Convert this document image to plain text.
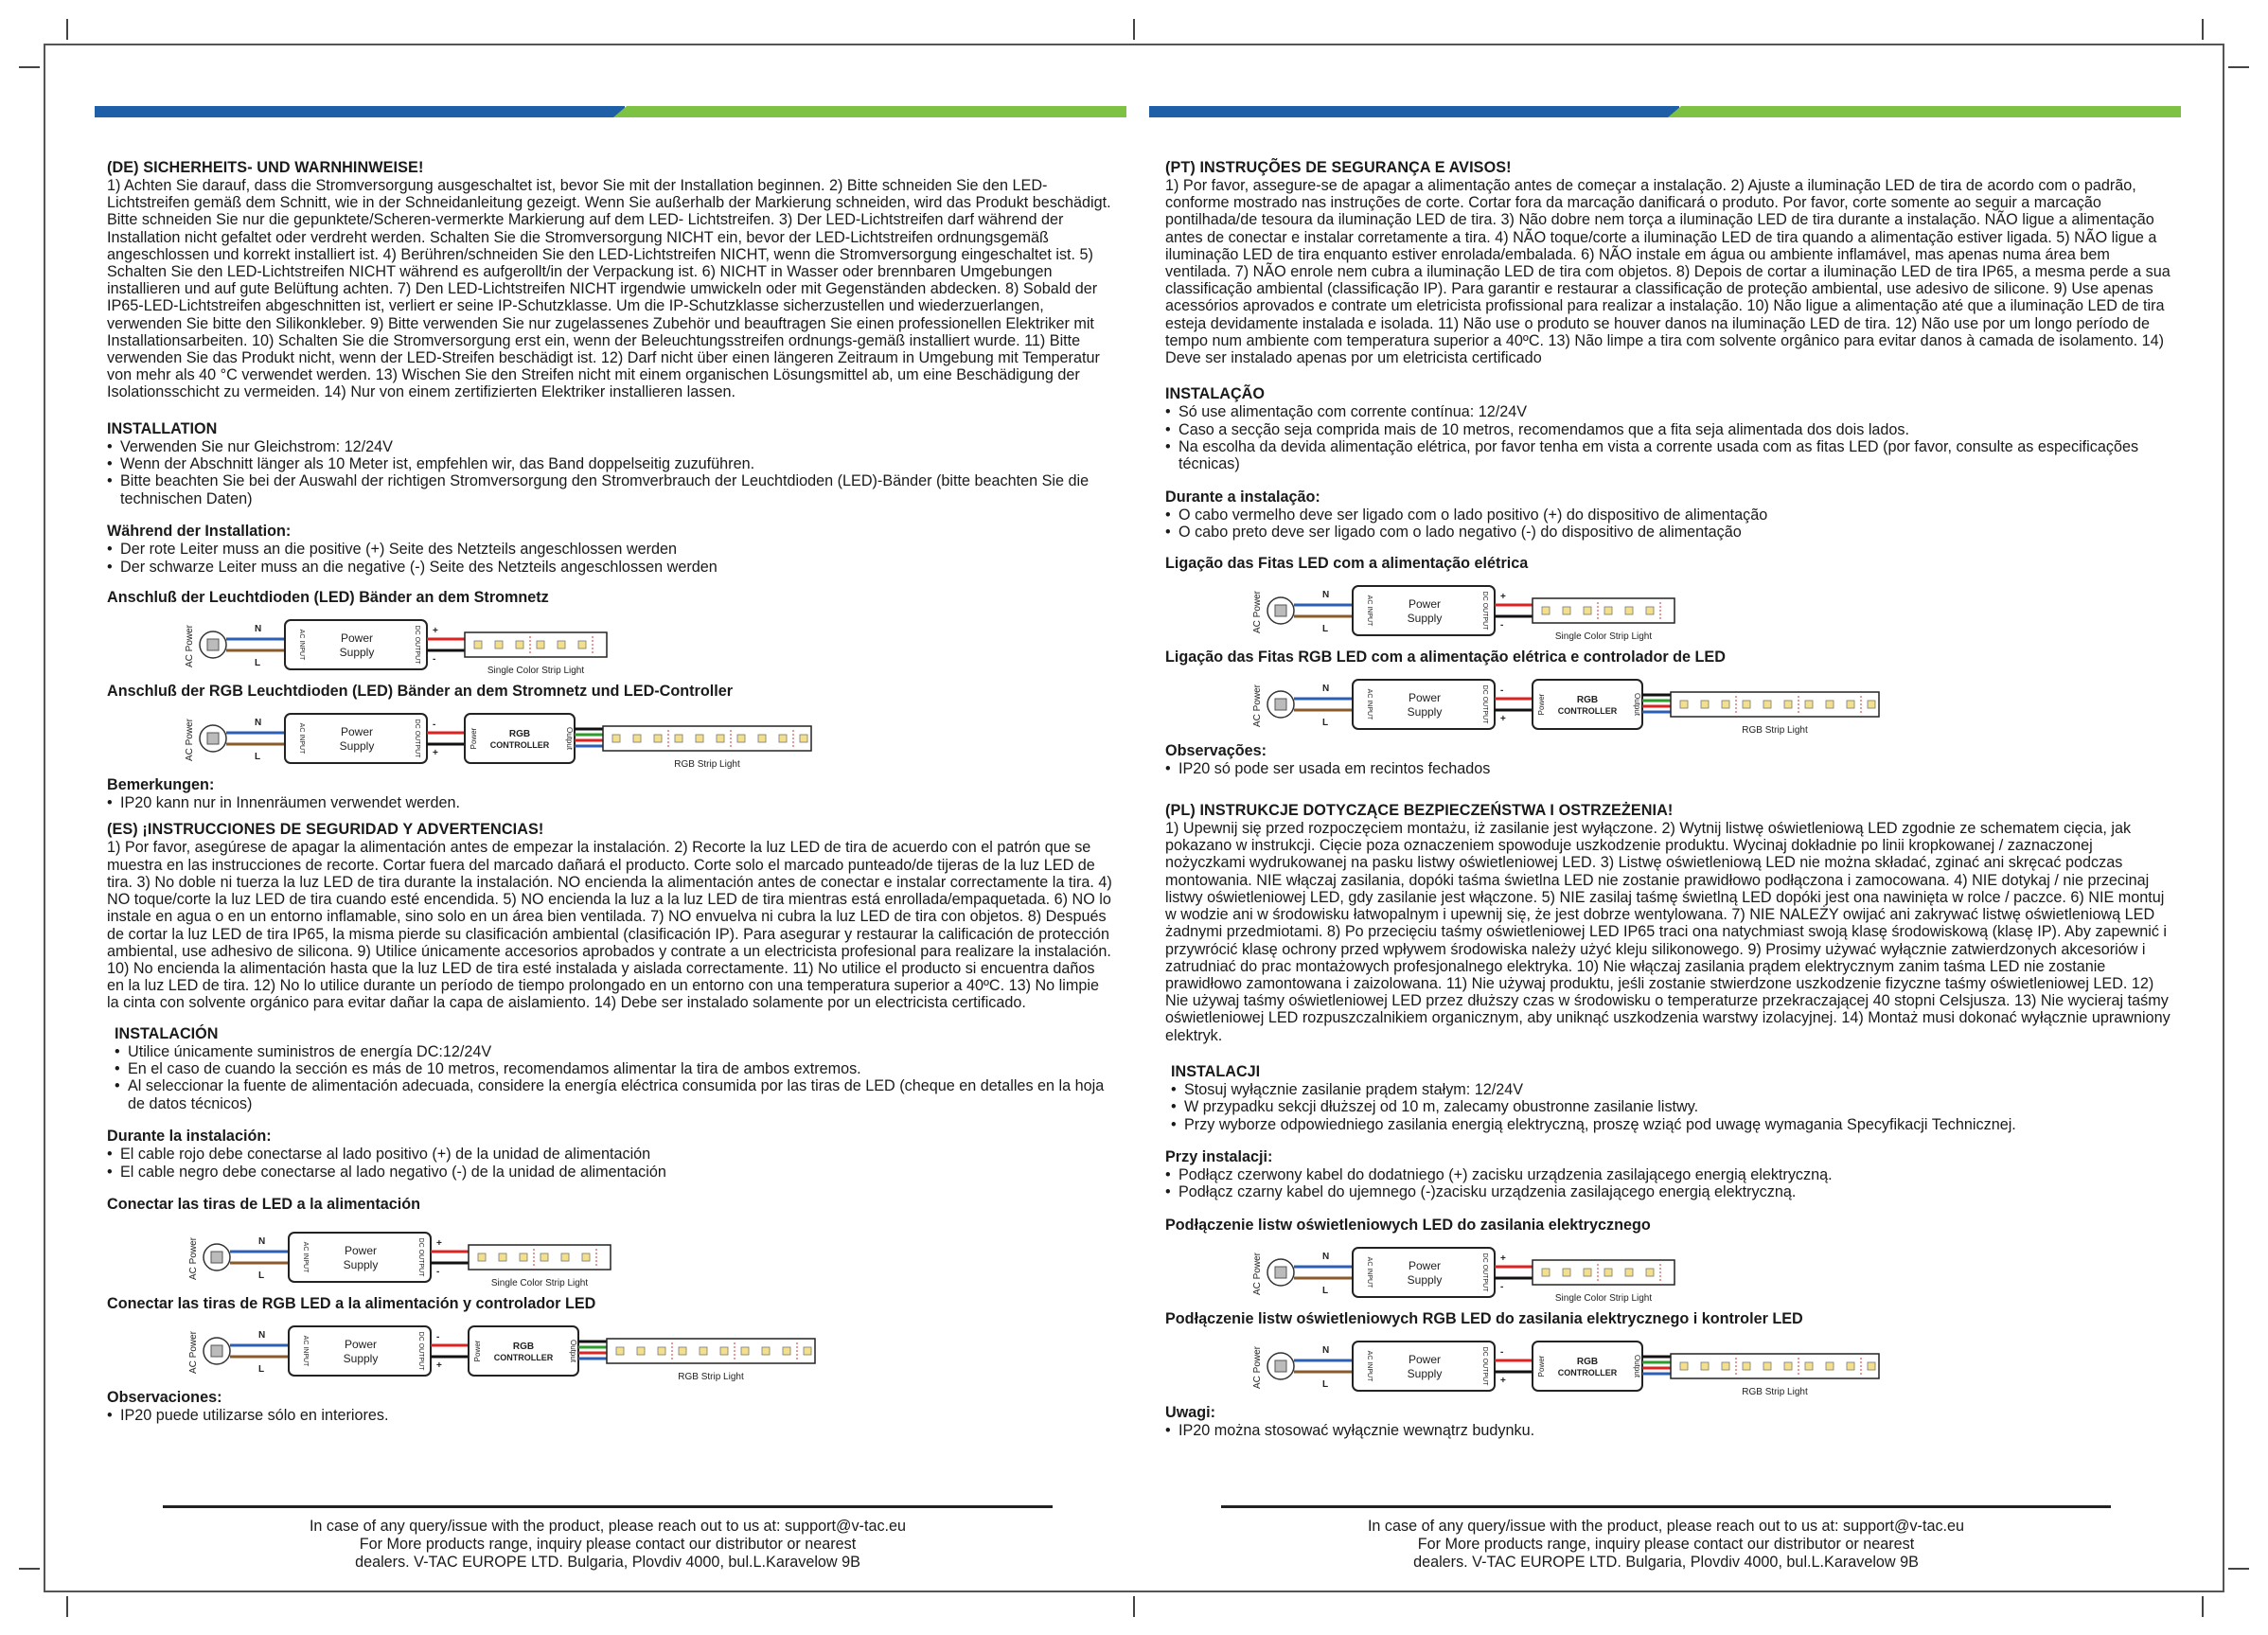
(DE) SICHERHEITS- UND WARNHINWEISE!

1) Achten Sie darauf, dass die Stromversorgung ausgeschaltet ist, bevor Sie mit der Installation beginnen. 2) Bitte schneiden Sie den LED-Lichtstreifen gemäß dem Schnitt, wie in der Schneidanleitung gezeigt. Wenn Sie außerhalb der Markierung schneiden, wird das Produkt beschädigt. Bitte schneiden Sie nur die gepunktete/Scheren-vermerkte Markierung auf dem LED- Lichtstreifen. 3) Der LED-Lichtstreifen darf während der Installation nicht gefaltet oder verdreht werden. Schalten Sie die Stromversorgung NICHT ein, bevor der LED-Lichtstreifen ordnungsgemäß angeschlossen und korrekt installiert ist. 4) Berühren/schneiden Sie den LED-Lichtstreifen NICHT, wenn die Stromversorgung eingeschaltet ist. 5) Schalten Sie den LED-Lichtstreifen NICHT während es aufgerollt/in der Verpackung ist. 6) NICHT in Wasser oder brennbaren Umgebungen installieren und auf gute Belüftung achten. 7) Den LED-Lichtstreifen NICHT irgendwie umwickeln oder mit Gegenständen abdecken. 8) Sobald der IP65-LED-Lichtstreifen abgeschnitten ist, verliert er seine IP-Schutzklasse. Um die IP-Schutzklasse sicherzustellen und wiederzuerlangen, verwenden Sie bitte den Silikonkleber. 9) Bitte verwenden Sie nur zugelassenes Zubehör und beauftragen Sie einen professionellen Elektriker mit Installationsarbeiten. 10) Schalten Sie die Stromversorgung erst ein, wenn der Beleuchtungsstreifen ordnungs-gemäß installiert wurde. 11) Bitte verwenden Sie das Produkt nicht, wenn der LED-Streifen beschädigt ist. 12) Darf nicht über einen längeren Zeitraum in Umgebung mit Temperatur von mehr als 40 °C verwendet werden. 13) Wischen Sie den Streifen nicht mit einem organischen Lösungsmittel ab, um eine Beschädigung der Isolationsschicht zu vermeiden. 14) Nur von einem zertifizierten Elektriker installieren lassen.

INSTALLATION

• Verwenden Sie nur Gleichstrom: 12/24V
• Wenn der Abschnitt länger als 10 Meter ist, empfehlen wir, das Band doppelseitig zuzuführen.
• Bitte beachten Sie bei der Auswahl der richtigen Stromversorgung den Stromverbrauch der Leuchtdioden (LED)-Bänder (bitte beachten Sie die technischen Daten)

Während der Installation:

• Der rote Leiter muss an die positive (+) Seite des Netzteils angeschlossen werden
• Der schwarze Leiter muss an die negative (-) Seite des Netzteils angeschlossen werden

Anschluß der Leuchtdioden (LED) Bänder an dem Stromnetz

AC Power	N
L
AC INPUT	DC OUTPUT
Power
Supply
+
-
Single Color Strip Light

Anschluß der RGB Leuchtdioden (LED) Bänder an dem Stromnetz und LED-Controller

AC Power	N
L
AC INPUT	DC OUTPUT
Power
Supply
-
+
Power	Output
RGB
CONTROLLER
RGB Strip Light

Bemerkungen:

• IP20 kann nur in Innenräumen verwendet werden.

(ES) ¡INSTRUCCIONES DE SEGURIDAD Y ADVERTENCIAS!

1) Por favor, asegúrese de apagar la alimentación antes de empezar la instalación. 2) Recorte la luz LED de tira de acuerdo con el patrón que se muestra en las instrucciones de recorte. Cortar fuera del marcado dañará el producto. Corte solo el marcado punteado/de tijeras de la luz LED de tira. 3) No doble ni tuerza la luz LED de tira durante la instalación. NO encienda la alimentación antes de conectar e instalar correctamente la tira. 4) NO toque/corte la luz LED de tira cuando esté encendida. 5) NO encienda la luz a la luz LED de tira mientras está enrollada/empaquetada. 6) NO lo instale en agua o en un entorno inflamable, sino solo en un área bien ventilada. 7) NO envuelva ni cubra la luz LED de tira con objetos. 8) Después de cortar la luz LED de tira IP65, la misma pierde su clasificación ambiental (clasificación IP). Para asegurar y restaurar la calificación de protección ambiental, use adhesivo de silicona. 9) Utilice únicamente accesorios aprobados y contrate a un electricista profesional para realizare la instalación. 10) No encienda la alimentación hasta que la luz LED de tira esté instalada y aislada correctamente. 11) No utilice el producto si encuentra daños en la luz LED de tira. 12) No lo utilice durante un período de tiempo prolongado en un entorno con una temperatura superior a 40ºC. 13) No limpie la cinta con solvente orgánico para evitar dañar la capa de aislamiento. 14) Debe ser instalado solamente por un electricista certificado.

INSTALACIÓN

• Utilice únicamente suministros de energía DC:12/24V
• En el caso de cuando la sección es más de 10 metros, recomendamos alimentar la tira de ambos extremos.
• Al seleccionar la fuente de alimentación adecuada, considere la energía eléctrica consumida por las tiras de LED (cheque en detalles en la hoja de datos técnicos)

Durante la instalación:

• El cable rojo debe conectarse al lado positivo (+) de la unidad de alimentación
• El cable negro debe conectarse al lado negativo (-) de la unidad de alimentación

Conectar las tiras de LED a la alimentación

AC Power	N
L
AC INPUT	DC OUTPUT
Power
Supply
+
-
Single Color Strip Light

Conectar las tiras de RGB LED a la alimentación y controlador LED

AC Power	N
L
AC INPUT	DC OUTPUT
Power
Supply
-
+
Power	Output
RGB
CONTROLLER
RGB Strip Light

Observaciones:

• IP20 puede utilizarse sólo en interiores.

(PT) INSTRUÇÕES DE SEGURANÇA E AVISOS!

1) Por favor, assegure-se de apagar a alimentação antes de começar a instalação. 2) Ajuste a iluminação LED de tira de acordo com o padrão, conforme mostrado nas instruções de corte. Cortar fora da marcação danificará o produto. Por favor, corte somente ao seguir a marcação pontilhada/de tesoura da iluminação LED de tira. 3) Não dobre nem torça a iluminação LED de tira durante a instalação. NÃO ligue a alimentação antes de conectar e instalar corretamente a tira. 4) NÃO toque/corte a iluminação LED de tira quando a alimentação estiver ligada. 5) NÃO ligue a iluminação LED de tira enquanto estiver enrolada/embalada. 6) NÃO instale em água ou ambiente inflamável, mas apenas numa área bem ventilada. 7) NÃO enrole nem cubra a iluminação LED de tira com objetos. 8) Depois de cortar a iluminação LED de tira IP65, a mesma perde a sua classificação ambiental (classificação IP). Para garantir e restaurar a classificação de proteção ambiental, use adesivo de silicone. 9) Use apenas acessórios aprovados e contrate um eletricista profissional para realizar a instalação. 10) Não ligue a alimentação até que a iluminação LED de tira esteja devidamente instalada e isolada. 11) Não use o produto se houver danos na iluminação LED de tira. 12) Não use por um longo período de tempo num ambiente com temperatura superior a 40ºC. 13) Não limpe a tira com solvente orgânico para evitar danos à camada de isolamento. 14) Deve ser instalado apenas por um eletricista certificado

INSTALAÇÃO

• Só use alimentação com corrente contínua: 12/24V
• Caso a secção seja comprida mais de 10 metros, recomendamos que a fita seja alimentada dos dois lados.
• Na escolha da devida alimentação elétrica, por favor tenha em vista a corrente usada com as fitas LED (por favor, consulte as especificações técnicas)

Durante a instalação:

• O cabo vermelho deve ser ligado com o lado positivo (+) do dispositivo de alimentação
• O cabo preto deve ser ligado com o lado negativo (-) do dispositivo de alimentação

Ligação das Fitas LED com a alimentação elétrica

AC Power	N
L
AC INPUT	DC OUTPUT
Power
Supply
+
-
Single Color Strip Light

Ligação das Fitas RGB LED com a alimentação elétrica e controlador de LED

AC Power	N
L
AC INPUT	DC OUTPUT
Power
Supply
-
+
Power	Output
RGB
CONTROLLER
RGB Strip Light

Observações:

• IP20 só pode ser usada em recintos fechados

(PL) INSTRUKCJE DOTYCZĄCE BEZPIECZEŃSTWA I OSTRZEŻENIA!

1) Upewnij się przed rozpoczęciem montażu, iż zasilanie jest wyłączone. 2) Wytnij listwę oświetleniową LED zgodnie ze schematem cięcia, jak pokazano w instrukcji. Cięcie poza oznaczeniem spowoduje uszkodzenie produktu. Wycinaj dokładnie po linii kropkowanej / zaznaczonej nożyczkami wydrukowanej na pasku listwy oświetleniowej LED. 3) Listwę oświetleniową LED nie można składać, zginać ani skręcać podczas montowania. NIE włączaj zasilania, dopóki taśma świetlna LED nie zostanie prawidłowo podłączona i zamocowana. 4) NIE dotykaj / nie przecinaj listwy oświetleniowej LED, gdy zasilanie jest włączone. 5) NIE zasilaj taśmę świetlną LED dopóki jest ona nawinięta w rolce / paczce. 6) NIE montuj w wodzie ani w środowisku łatwopalnym i upewnij się, że jest dobrze wentylowana. 7) NIE NALEŻY owijać ani zakrywać listwę oświetleniową LED żadnymi przedmiotami. 8) Po przecięciu taśmy oświetleniowej LED IP65 traci ona natychmiast swoją klasę środowiskową (klasę IP). Aby zapewnić i przywrócić klasę ochrony przed wpływem środowiska należy użyć kleju silikonowego. 9) Prosimy używać wyłącznie zatwierdzonych akcesoriów i zatrudniać do prac montażowych profesjonalnego elektryka. 10) Nie włączaj zasilania prądem elektrycznym zanim taśma LED nie zostanie prawidłowo zamontowana i zaizolowana. 11) Nie używaj produktu, jeśli zostanie stwierdzone uszkodzenie fizyczne taśmy oświetleniowej LED. 12) Nie używaj taśmy oświetleniowej LED przez dłuższy czas w środowisku o temperaturze przekraczającej 40 stopni Celsjusza. 13) Nie wycieraj taśmy oświetleniowej LED rozpuszczalnikiem organicznym, aby uniknąć uszkodzenia warstwy izolacyjnej. 14) Montaż musi dokonać wyłącznie uprawniony elektryk.

INSTALACJI

• Stosuj wyłącznie zasilanie prądem stałym: 12/24V
• W przypadku sekcji dłuższej od 10 m, zalecamy obustronne zasilanie listwy.
• Przy wyborze odpowiedniego zasilania energią elektryczną, proszę wziąć pod uwagę wymagania Specyfikacji Technicznej.

Przy instalacji:

• Podłącz czerwony kabel do dodatniego (+) zacisku urządzenia zasilającego energią elektryczną.
• Podłącz czarny kabel do ujemnego (-)zacisku urządzenia zasilającego energią elektryczną.

Podłączenie listw oświetleniowych LED do zasilania elektrycznego

AC Power	N
L
AC INPUT	DC OUTPUT
Power
Supply
+
-
Single Color Strip Light

Podłączenie listw oświetleniowych RGB LED do zasilania elektrycznego i kontroler LED

AC Power	N
L
AC INPUT	DC OUTPUT
Power
Supply
-
+
Power	Output
RGB
CONTROLLER
RGB Strip Light

Uwagi:

• IP20 można stosować wyłącznie wewnątrz budynku.
In case of any query/issue with the product, please reach out to us at: support@v-tac.eu
For More products range, inquiry please contact our distributor or nearest
dealers. V-TAC EUROPE LTD. Bulgaria, Plovdiv 4000, bul.L.Karavelow 9B
In case of any query/issue with the product, please reach out to us at: support@v-tac.eu
For More products range, inquiry please contact our distributor or nearest
dealers. V-TAC EUROPE LTD. Bulgaria, Plovdiv 4000, bul.L.Karavelow 9B
